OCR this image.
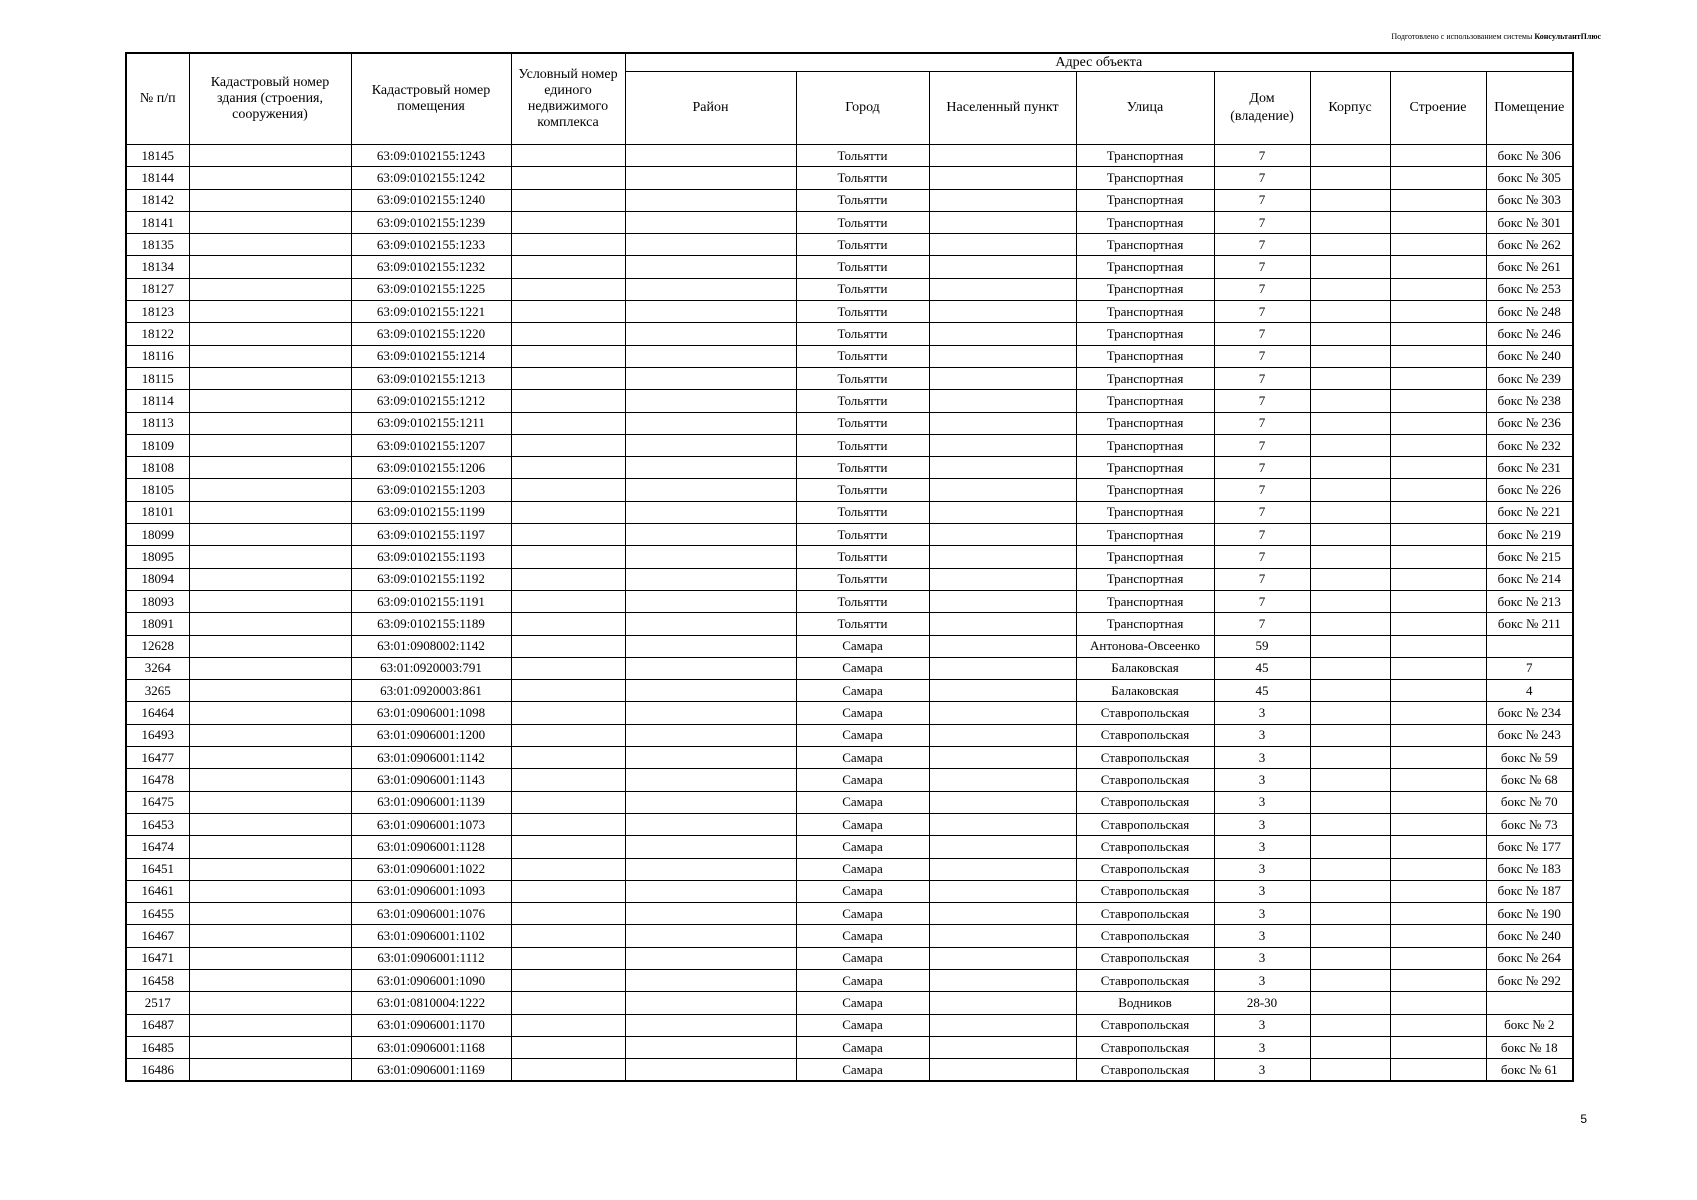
Подготовлено с использованием системы КонсультантПлюс
№ п/п	Кадастровый номер здания (строения, сооружения)	Кадастровый номер помещения	Условный номер единого недвижимого комплекса	Адрес объекта							
				Район	Город	Населенный пункт	Улица	Дом (владение)	Корпус	Строение	Помещение
18145		63:09:0102155:1243			Тольятти		Транспортная	7			бокс № 306
18144		63:09:0102155:1242			Тольятти		Транспортная	7			бокс № 305
18142		63:09:0102155:1240			Тольятти		Транспортная	7			бокс № 303
18141		63:09:0102155:1239			Тольятти		Транспортная	7			бокс № 301
18135		63:09:0102155:1233			Тольятти		Транспортная	7			бокс № 262
18134		63:09:0102155:1232			Тольятти		Транспортная	7			бокс № 261
18127		63:09:0102155:1225			Тольятти		Транспортная	7			бокс № 253
18123		63:09:0102155:1221			Тольятти		Транспортная	7			бокс № 248
18122		63:09:0102155:1220			Тольятти		Транспортная	7			бокс № 246
18116		63:09:0102155:1214			Тольятти		Транспортная	7			бокс № 240
18115		63:09:0102155:1213			Тольятти		Транспортная	7			бокс № 239
18114		63:09:0102155:1212			Тольятти		Транспортная	7			бокс № 238
18113		63:09:0102155:1211			Тольятти		Транспортная	7			бокс № 236
18109		63:09:0102155:1207			Тольятти		Транспортная	7			бокс № 232
18108		63:09:0102155:1206			Тольятти		Транспортная	7			бокс № 231
18105		63:09:0102155:1203			Тольятти		Транспортная	7			бокс № 226
18101		63:09:0102155:1199			Тольятти		Транспортная	7			бокс № 221
18099		63:09:0102155:1197			Тольятти		Транспортная	7			бокс № 219
18095		63:09:0102155:1193			Тольятти		Транспортная	7			бокс № 215
18094		63:09:0102155:1192			Тольятти		Транспортная	7			бокс № 214
18093		63:09:0102155:1191			Тольятти		Транспортная	7			бокс № 213
18091		63:09:0102155:1189			Тольятти		Транспортная	7			бокс № 211
12628		63:01:0908002:1142			Самара		Антонова-Овсеенко	59			
3264		63:01:0920003:791			Самара		Балаковская	45			7
3265		63:01:0920003:861			Самара		Балаковская	45			4
16464		63:01:0906001:1098			Самара		Ставропольская	3			бокс № 234
16493		63:01:0906001:1200			Самара		Ставропольская	3			бокс № 243
16477		63:01:0906001:1142			Самара		Ставропольская	3			бокс № 59
16478		63:01:0906001:1143			Самара		Ставропольская	3			бокс № 68
16475		63:01:0906001:1139			Самара		Ставропольская	3			бокс № 70
16453		63:01:0906001:1073			Самара		Ставропольская	3			бокс № 73
16474		63:01:0906001:1128			Самара		Ставропольская	3			бокс № 177
16451		63:01:0906001:1022			Самара		Ставропольская	3			бокс № 183
16461		63:01:0906001:1093			Самара		Ставропольская	3			бокс № 187
16455		63:01:0906001:1076			Самара		Ставропольская	3			бокс № 190
16467		63:01:0906001:1102			Самара		Ставропольская	3			бокс № 240
16471		63:01:0906001:1112			Самара		Ставропольская	3			бокс № 264
16458		63:01:0906001:1090			Самара		Ставропольская	3			бокс № 292
2517		63:01:0810004:1222			Самара		Водников	28-30			
16487		63:01:0906001:1170			Самара		Ставропольская	3			бокс № 2
16485		63:01:0906001:1168			Самара		Ставропольская	3			бокс № 18
16486		63:01:0906001:1169			Самара		Ставропольская	3			бокс № 61
5
